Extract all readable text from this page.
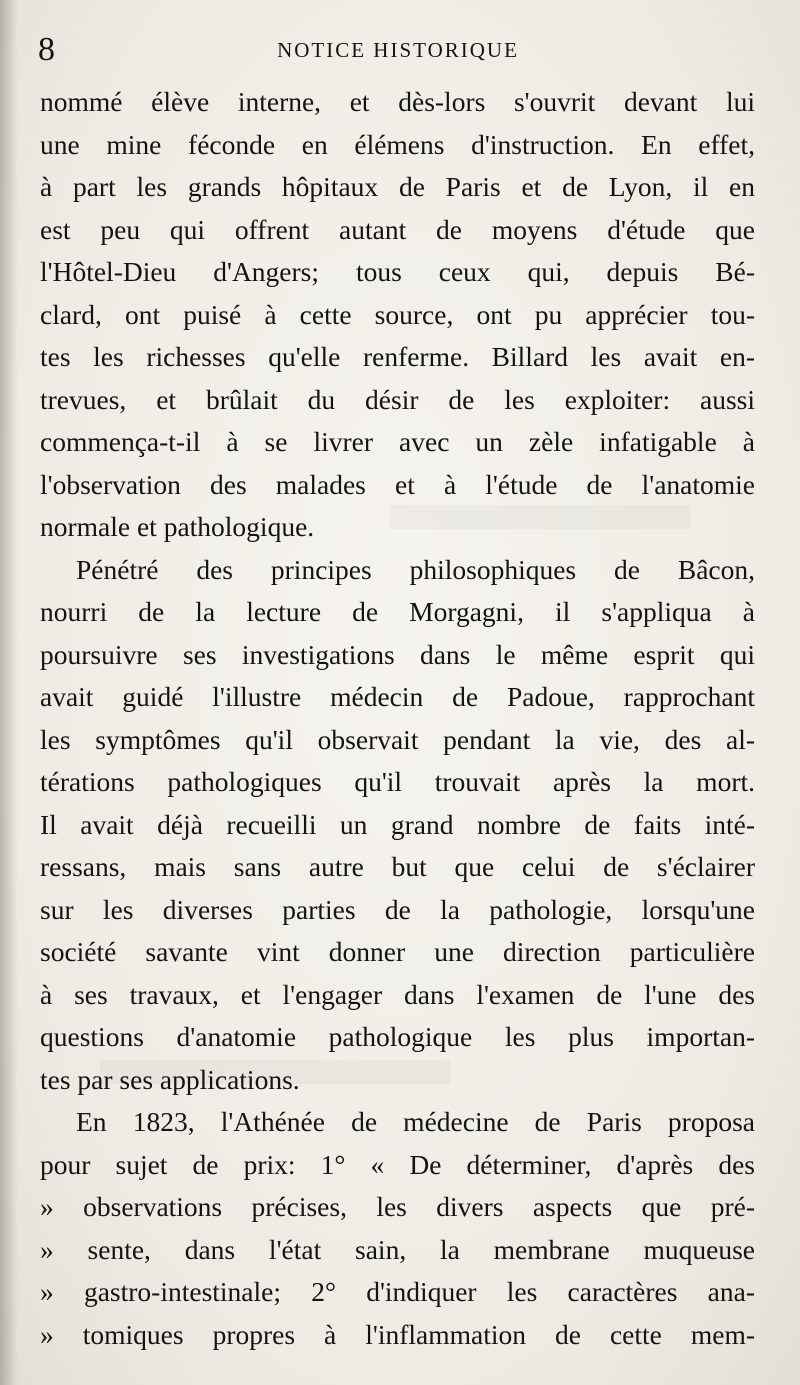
8	NOTICE HISTORIQUE
nommé élève interne, et dès-lors s'ouvrit devant lui
une mine féconde en élémens d'instruction. En effet,
à part les grands hôpitaux de Paris et de Lyon, il en
est peu qui offrent autant de moyens d'étude que
l'Hôtel-Dieu d'Angers; tous ceux qui, depuis Bé-
clard, ont puisé à cette source, ont pu apprécier tou-
tes les richesses qu'elle renferme. Billard les avait en-
trevues, et brûlait du désir de les exploiter: aussi
commença-t-il à se livrer avec un zèle infatigable à
l'observation des malades et à l'étude de l'anatomie
normale et pathologique.
Pénétré des principes philosophiques de Bâcon,
nourri de la lecture de Morgagni, il s'appliqua à
poursuivre ses investigations dans le même esprit qui
avait guidé l'illustre médecin de Padoue, rapprochant
les symptômes qu'il observait pendant la vie, des al-
térations pathologiques qu'il trouvait après la mort.
Il avait déjà recueilli un grand nombre de faits inté-
ressans, mais sans autre but que celui de s'éclairer
sur les diverses parties de la pathologie, lorsqu'une
société savante vint donner une direction particulière
à ses travaux, et l'engager dans l'examen de l'une des
questions d'anatomie pathologique les plus importan-
tes par ses applications.
En 1823, l'Athénée de médecine de Paris proposa
pour sujet de prix: 1° « De déterminer, d'après des
» observations précises, les divers aspects que pré-
» sente, dans l'état sain, la membrane muqueuse
» gastro-intestinale; 2° d'indiquer les caractères ana-
» tomiques propres à l'inflammation de cette mem-
